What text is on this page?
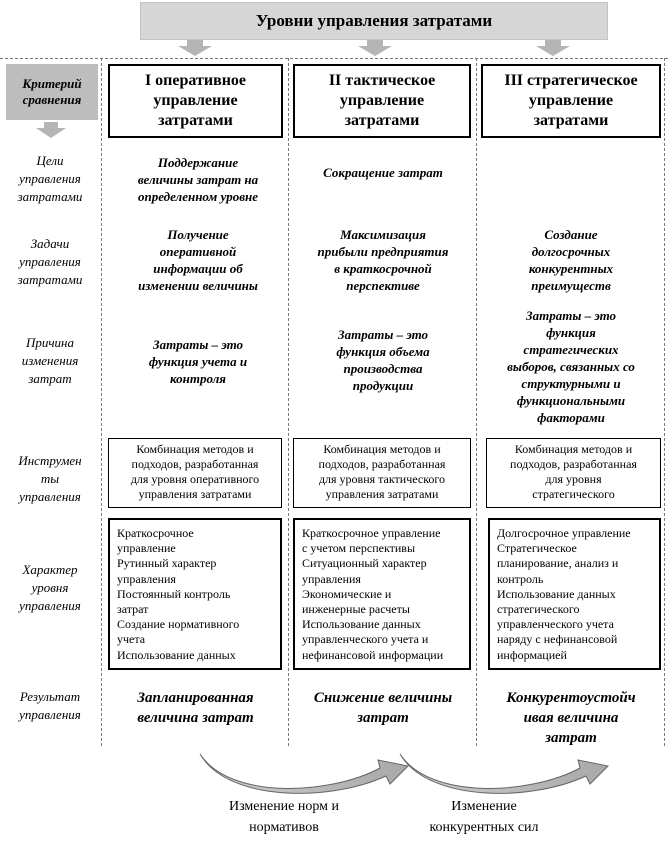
Уровни управления затратами
Критерий
сравнения
I оперативное
управление
затратами
II тактическое
управление
затратами
III стратегическое
управление
затратами
Цели
управления
затратами
Поддержание
величины затрат на
определенном уровне
Сокращение затрат
Задачи
управления
затратами
Получение
оперативной
информации об
изменении величины
Максимизация
прибыли предприятия
в краткосрочной
перспективе
Создание
долгосрочных
конкурентных
преимуществ
Причина
изменения
затрат
Затраты – это
функция учета и
контроля
Затраты – это
функция объема
производства
продукции
Затраты – это
функция
стратегических
выборов, связанных со
структурными и
функциональными
факторами
Инструмен
ты
управления
Комбинация методов и
подходов, разработанная
для уровня оперативного
управления затратами
Комбинация методов и
подходов, разработанная
для уровня тактического
управления затратами
Комбинация методов и
подходов, разработанная
для уровня
стратегического
Характер
уровня
управления
Краткосрочное
управление
Рутинный характер
управления
Постоянный контроль
затрат
Создание нормативного
учета
Использование данных
Краткосрочное управление
с учетом перспективы
Ситуационный характер
управления
Экономические и
инженерные расчеты
Использование данных
управленческого учета и
нефинансовой информации
Долгосрочное управление
Стратегическое
планирование, анализ и
контроль
Использование данных
стратегического
управленческого учета
наряду с нефинансовой
информацией
Результат
управления
Запланированная
величина затрат
Снижение величины
затрат
Конкурентоустойч
ивая величина
затрат
Изменение норм и
нормативов
Изменение
конкурентных сил
